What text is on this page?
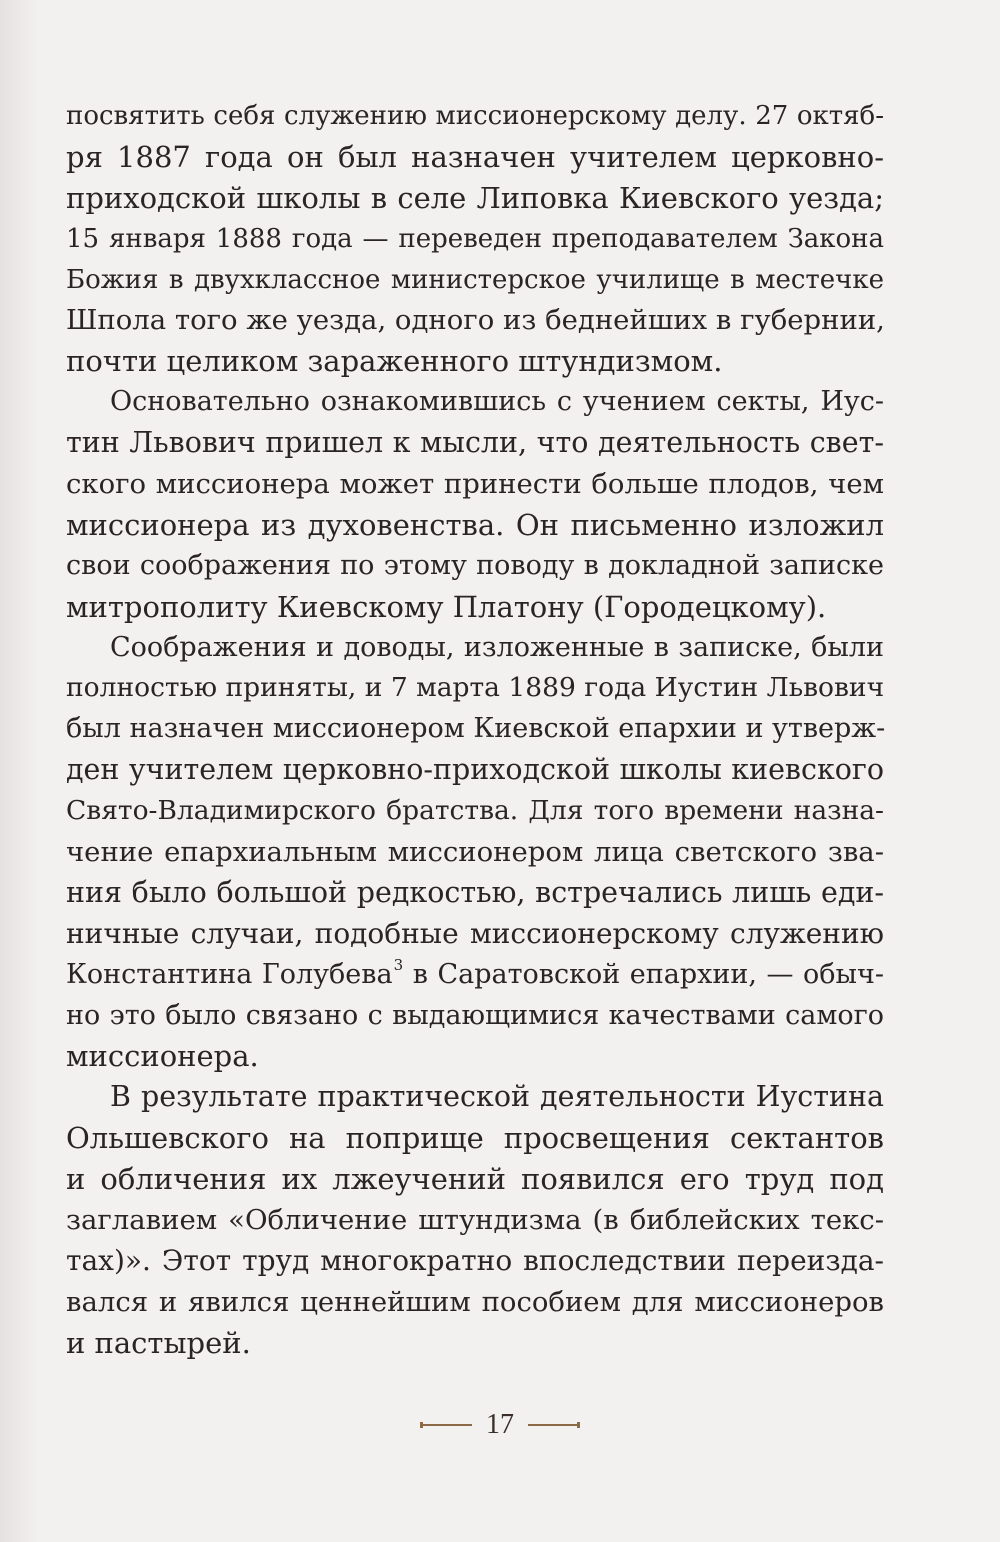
посвятить себя служению миссионерскому делу. 27 октяб-
ря 1887 года он был назначен учителем церковно-
приходской школы в селе Липовка Киевского уезда;
15 января 1888 года — переведен преподавателем Закона
Божия в двухклассное министерское училище в местечке
Шпола того же уезда, одного из беднейших в губернии,
почти целиком зараженного штундизмом.
Основательно ознакомившись с учением секты, Иус-
тин Львович пришел к мысли, что деятельность свет-
ского миссионера может принести больше плодов, чем
миссионера из духовенства. Он письменно изложил
свои соображения по этому поводу в докладной записке
митрополиту Киевскому Платону (Городецкому).
Соображения и доводы, изложенные в записке, были
полностью приняты, и 7 марта 1889 года Иустин Львович
был назначен миссионером Киевской епархии и утверж-
ден учителем церковно-приходской школы киевского
Свято-Владимирского братства. Для того времени назна-
чение епархиальным миссионером лица светского зва-
ния было большой редкостью, встречались лишь еди-
ничные случаи, подобные миссионерскому служению
Константина Голубева$^3$ в Саратовской епархии, — обыч-
но это было связано с выдающимися качествами самого
миссионера.
В результате практической деятельности Иустина
Ольшевского на поприще просвещения сектантов
и обличения их лжеучений появился его труд под
заглавием «Обличение штундизма (в библейских текс-
тах)». Этот труд многократно впоследствии переизда-
вался и явился ценнейшим пособием для миссионеров
и пастырей.
17
